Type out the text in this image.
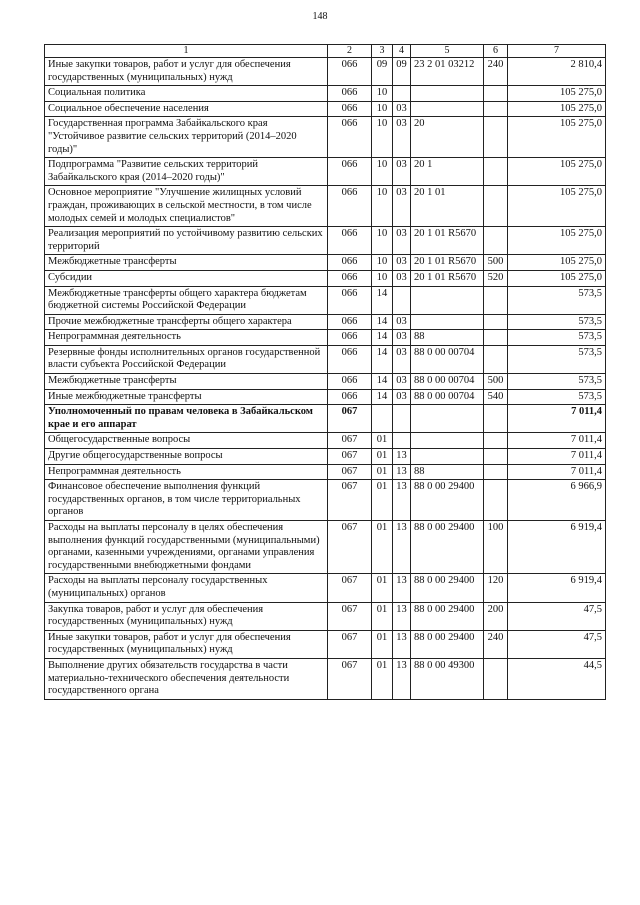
148
1	2	3	4	5	6	7
Иные закупки товаров, работ и услуг для обеспечения государственных (муниципальных) нужд	066	09	09	23 2 01 03212	240	2 810,4
Социальная политика	066	10				105 275,0
Социальное обеспечение населения	066	10	03			105 275,0
Государственная программа Забайкальского края "Устойчивое развитие сельских территорий (2014–2020 годы)"	066	10	03	20		105 275,0
Подпрограмма "Развитие сельских территорий Забайкальского края (2014–2020 годы)"	066	10	03	20 1		105 275,0
Основное мероприятие "Улучшение жилищных условий граждан, проживающих в сельской местности, в том числе молодых семей и молодых специалистов"	066	10	03	20 1 01		105 275,0
Реализация мероприятий по устойчивому развитию сельских территорий	066	10	03	20 1 01 R5670		105 275,0
Межбюджетные трансферты	066	10	03	20 1 01 R5670	500	105 275,0
Субсидии	066	10	03	20 1 01 R5670	520	105 275,0
Межбюджетные трансферты общего характера бюджетам бюджетной системы Российской Федерации	066	14				573,5
Прочие межбюджетные трансферты общего характера	066	14	03			573,5
Непрограммная деятельность	066	14	03	88		573,5
Резервные фонды исполнительных органов государственной власти субъекта Российской Федерации	066	14	03	88 0 00 00704		573,5
Межбюджетные трансферты	066	14	03	88 0 00 00704	500	573,5
Иные межбюджетные трансферты	066	14	03	88 0 00 00704	540	573,5
Уполномоченный по правам человека в Забайкальском крае и его аппарат	067					7 011,4
Общегосударственные вопросы	067	01				7 011,4
Другие общегосударственные вопросы	067	01	13			7 011,4
Непрограммная деятельность	067	01	13	88		7 011,4
Финансовое обеспечение выполнения функций государственных органов, в том числе территориальных органов	067	01	13	88 0 00 29400		6 966,9
Расходы на выплаты персоналу в целях обеспечения выполнения функций государственными (муниципальными) органами, казенными учреждениями, органами управления государственными внебюджетными фондами	067	01	13	88 0 00 29400	100	6 919,4
Расходы на выплаты персоналу государственных (муниципальных) органов	067	01	13	88 0 00 29400	120	6 919,4
Закупка товаров, работ и услуг для обеспечения государственных (муниципальных) нужд	067	01	13	88 0 00 29400	200	47,5
Иные закупки товаров, работ и услуг для обеспечения государственных (муниципальных) нужд	067	01	13	88 0 00 29400	240	47,5
Выполнение других обязательств государства в части материально-технического обеспечения деятельности государственного органа	067	01	13	88 0 00 49300		44,5
